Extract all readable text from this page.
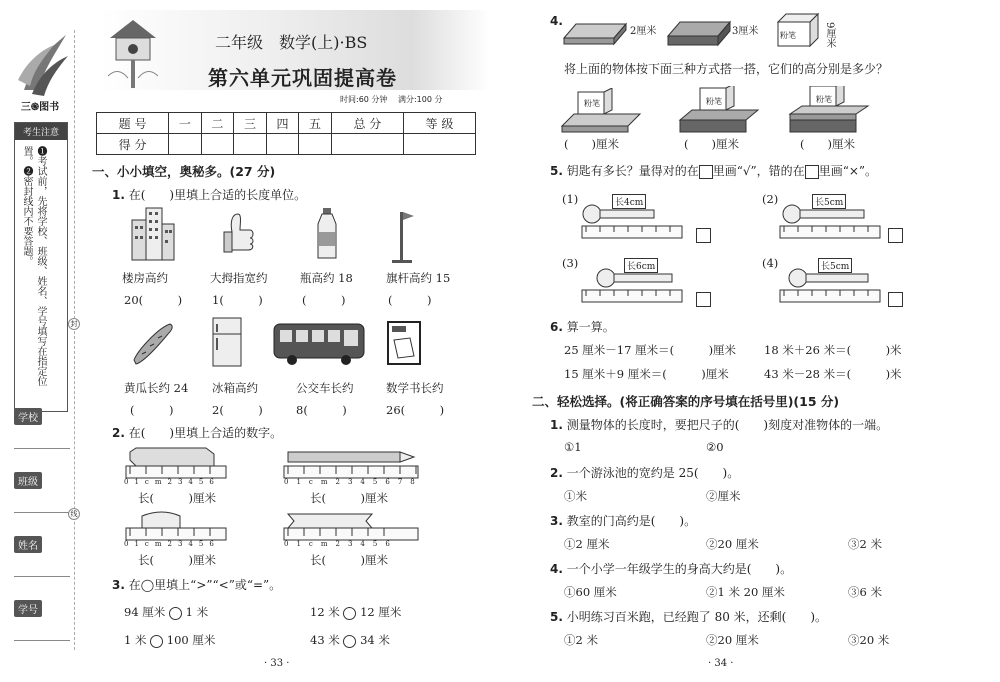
三֍图书
考生注意
❶考试前，先将学校、班级、姓名、学号填写在指定位置。❷密封线内不要答题。
学校
班级
姓名
学号
封
线
二年级　数学(上)·BS
第六单元巩固提高卷
时间:60 分钟 满分:100 分
题 号	一	二	三	四	五	总 分	等 级
得 分							
一、小小填空，奥秘多。(27 分)
1. 在(　　)里填上合适的长度单位。
楼房高约	大拇指宽约	瓶高约 18	旗杆高约 15
20(　　　)	1(　　　)	(　　　)	(　　　)
黄瓜长约 24 冰箱高约	公交车长约	数学书长约
(　　　)	2(　　　)	8(　　　)	26(　　　)
2. 在(　　)里填上合适的数字。
01cm23456
长(　　　)厘米
01cm2345678
长(　　　)厘米
01cm23456
长(　　　)厘米
01cm23456
长(　　　)厘米
3. 在◯里填上“>”“<”或“=”。
94 厘米 1 米	12 米 12 厘米
1 米 100 厘米	43 米 34 米
· 33 ·
4.
2厘米	3厘米	粉笔	9厘米
将上面的物体按下面三种方式搭一搭，它们的高分别是多少？
粉笔	粉笔	粉笔
(　　)厘米	(　　)厘米	(　　)厘米
5. 钥匙有多长？量得对的在 里画“√”，错的在 里画“×”。
(1)	长4cm	(2)	长5cm
(3)	长6cm	(4)	长5cm
6. 算一算。
25 厘米－17 厘米＝(　　　)厘米 18 米＋26 米＝(　　　)米
15 厘米＋9 厘米＝(　　　)厘米	43 米－28 米＝(　　　)米
二、轻松选择。(将正确答案的序号填在括号里)(15 分)
1. 测量物体的长度时，要把尺子的(　　)刻度对准物体的一端。
①1	②0
2. 一个游泳池的宽约是 25(　　)。
①米	②厘米
3. 教室的门高约是(　　)。
①2 厘米	②20 厘米	③2 米
4. 一个小学一年级学生的身高大约是(　　)。
①60 厘米	②1 米 20 厘米	③6 米
5. 小明练习百米跑，已经跑了 80 米，还剩(　　)。
①2 米	②20 厘米	③20 米
· 34 ·
